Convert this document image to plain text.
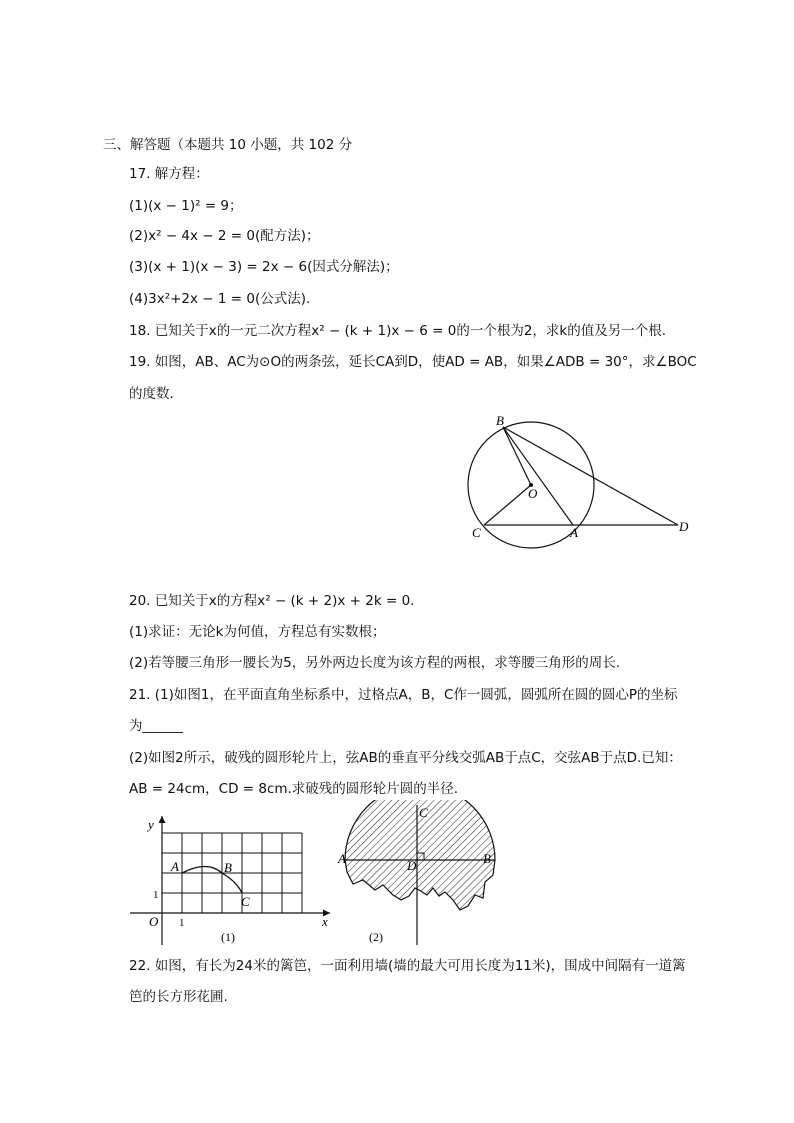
三、解答题（本题共 10 小题，共 102 分
17. 解方程：
(1)(x − 1)² = 9；
(2)x² − 4x − 2 = 0(配方法)；
(3)(x + 1)(x − 3) = 2x − 6(因式分解法)；
(4)3x²+2x − 1 = 0(公式法).
18. 已知关于x的一元二次方程x² − (k + 1)x − 6 = 0的一个根为2，求k的值及另一个根.
19. 如图，AB、AC为⊙O的两条弦，延长CA到D，使AD = AB，如果∠ADB = 30°，求∠BOC
的度数.
B
O
C	A	D
20. 已知关于x的方程x² − (k + 2)x + 2k = 0.
(1)求证：无论k为何值，方程总有实数根；
(2)若等腰三角形一腰长为5，另外两边长度为该方程的两根，求等腰三角形的周长.
21. (1)如图1，在平面直角坐标系中，过格点A，B，C作一圆弧，圆弧所在圆的圆心P的坐标
为______
(2)如图2所示，破残的圆形轮片上，弦AB的垂直平分线交弧AB于点C，交弦AB于点D.已知：
AB = 24cm，CD = 8cm.求破残的圆形轮片圆的半径.
y
x
O 1
1
A	B
C
(1)
C
A	B
D
(2)
22. 如图，有长为24米的篱笆，一面利用墙(墙的最大可用长度为11米)，围成中间隔有一道篱
笆的长方形花圃.
